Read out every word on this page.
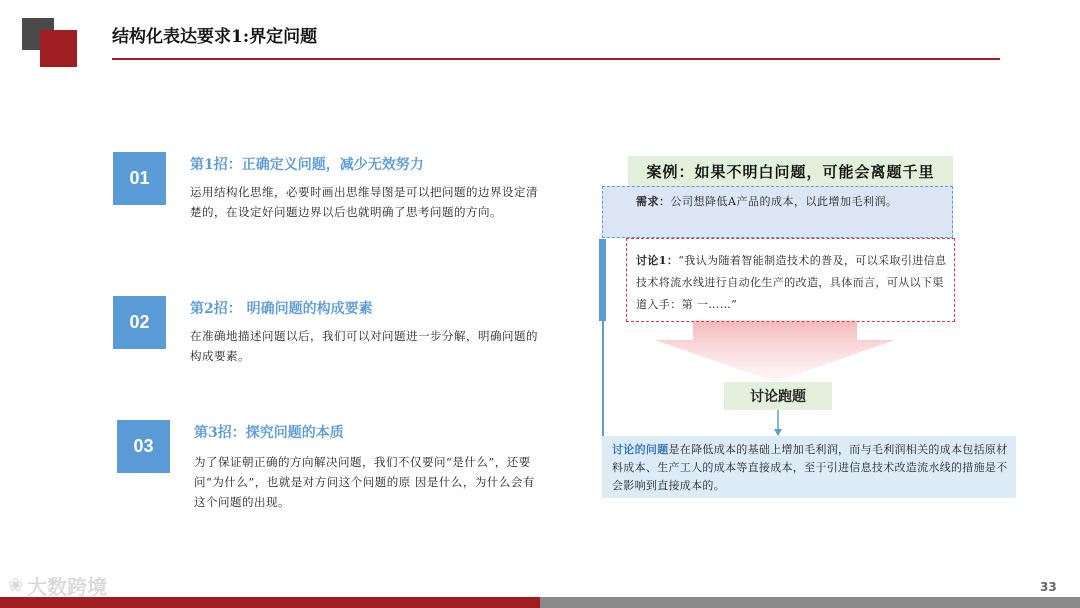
结构化表达要求1:界定问题
01
第1招：正确定义问题，减少无效努力
运用结构化思维，必要时画出思维导图是可以把问题的边界设定清楚的，在设定好问题边界以后也就明确了思考问题的方向。
02
第2招： 明确问题的构成要素
在准确地描述问题以后，我们可以对问题进一步分解，明确问题的构成要素。
03
第3招：探究问题的本质
为了保证朝正确的方向解决问题，我们不仅要问“是什么”，还要问“为什么”，也就是对方问这个问题的原 因是什么，为什么会有这个问题的出现。
案例：如果不明白问题，可能会离题千里
需求：公司想降低A产品的成本，以此增加毛利润。
讨论1：“我认为随着智能制造技术的普及，可以采取引进信息技术将流水线进行自动化生产的改造，具体而言，可从以下渠道入手：第 一……”
讨论跑题
讨论的问题是在降低成本的基础上增加毛利润，而与毛利润相关的成本包括原材料成本、生产工人的成本等直接成本，至于引进信息技术改造流水线的措施是不会影响到直接成本的。
❀ 大数跨境	33
